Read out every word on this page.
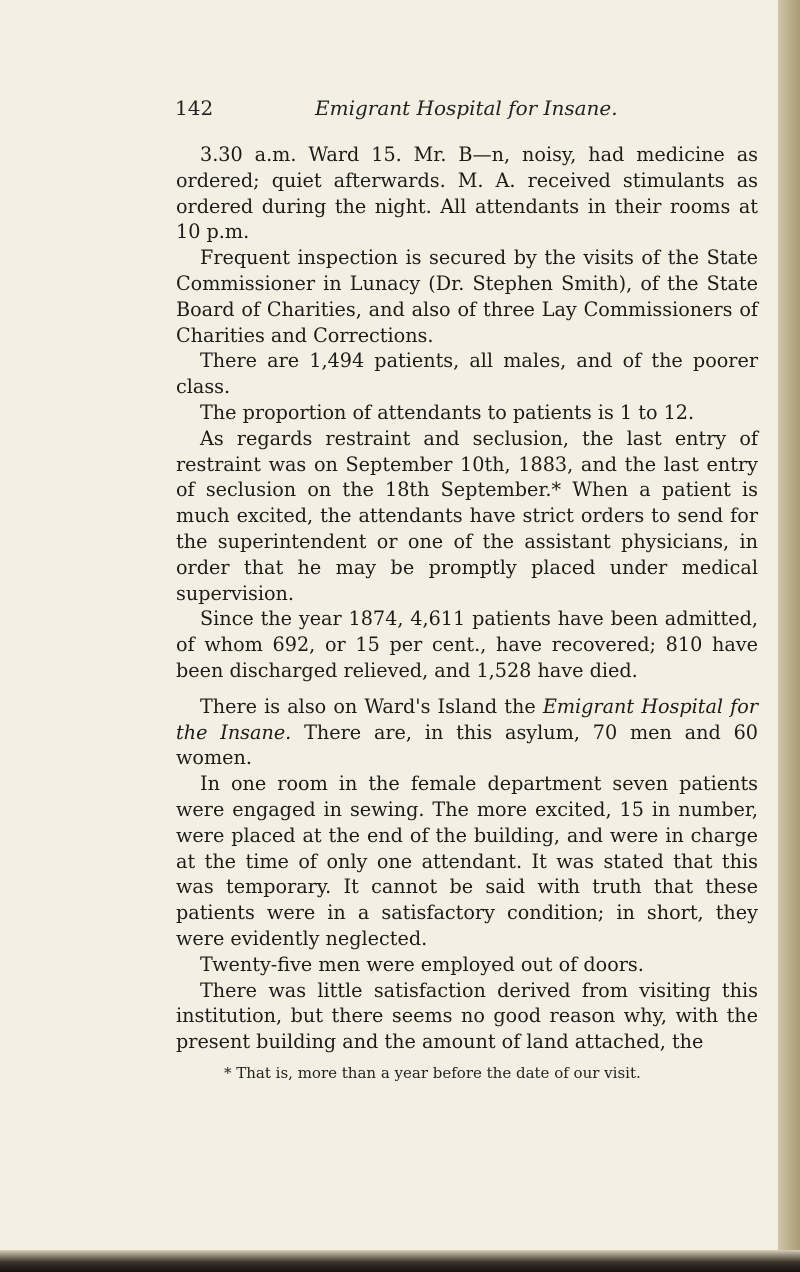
142	Emigrant Hospital for Insane.

3.30 a.m. Ward 15. Mr. B—n, noisy, had medicine as ordered; quiet afterwards. M. A. received stimulants as ordered during the night. All attendants in their rooms at 10 p.m.

Frequent inspection is secured by the visits of the State Commissioner in Lunacy (Dr. Stephen Smith), of the State Board of Charities, and also of three Lay Commissioners of Charities and Corrections.

There are 1,494 patients, all males, and of the poorer class.

The proportion of attendants to patients is 1 to 12.

As regards restraint and seclusion, the last entry of restraint was on September 10th, 1883, and the last entry of seclusion on the 18th September.* When a patient is much excited, the attendants have strict orders to send for the superintendent or one of the assistant physicians, in order that he may be promptly placed under medical supervision.

Since the year 1874, 4,611 patients have been admitted, of whom 692, or 15 per cent., have recovered; 810 have been discharged relieved, and 1,528 have died.

There is also on Ward's Island the Emigrant Hospital for the Insane. There are, in this asylum, 70 men and 60 women.

In one room in the female department seven patients were engaged in sewing. The more excited, 15 in number, were placed at the end of the building, and were in charge at the time of only one attendant. It was stated that this was temporary. It cannot be said with truth that these patients were in a satisfactory condition; in short, they were evidently neglected.

Twenty-five men were employed out of doors.

There was little satisfaction derived from visiting this institution, but there seems no good reason why, with the present building and the amount of land attached, the

* That is, more than a year before the date of our visit.
